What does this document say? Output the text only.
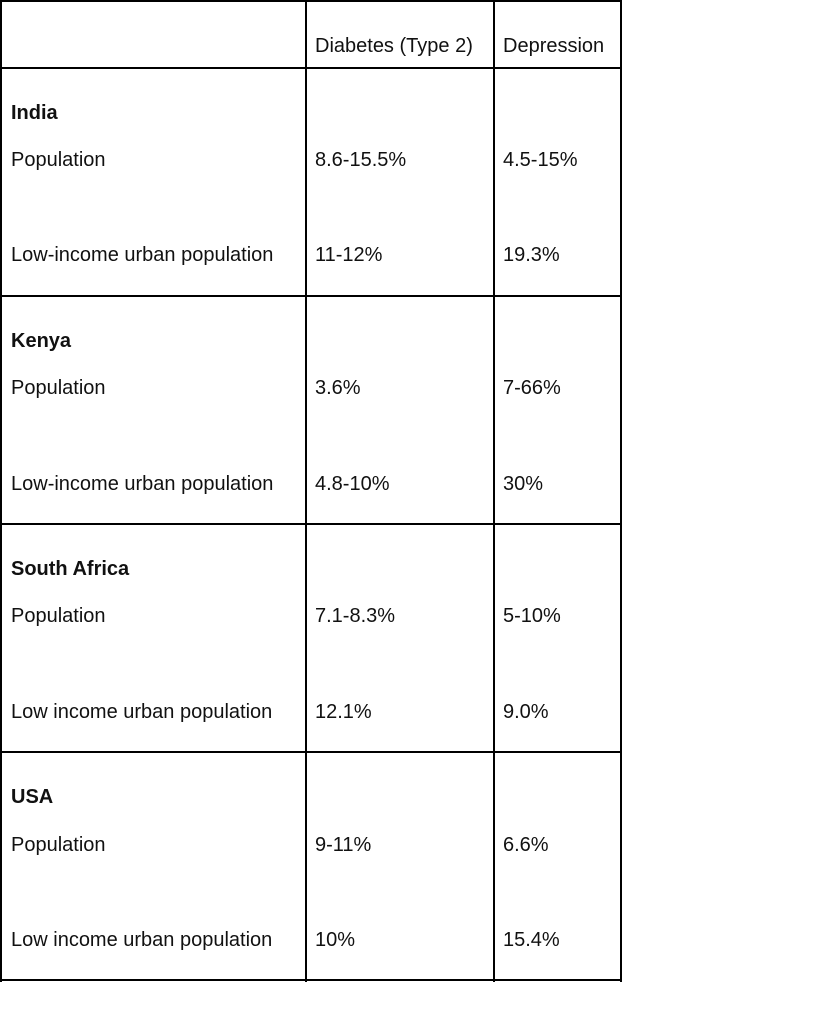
Diabetes (Type 2) Depression
India
Population	8.6-15.5%	4.5-15%
Low-income urban population 11-12%	19.3%
Kenya
Population	3.6%	7-66%
Low-income urban population 4.8-10%	30%
South Africa
Population	7.1-8.3%	5-10%
Low income urban population 12.1%	9.0%
USA
Population	9-11%	6.6%
Low income urban population 10%	15.4%
